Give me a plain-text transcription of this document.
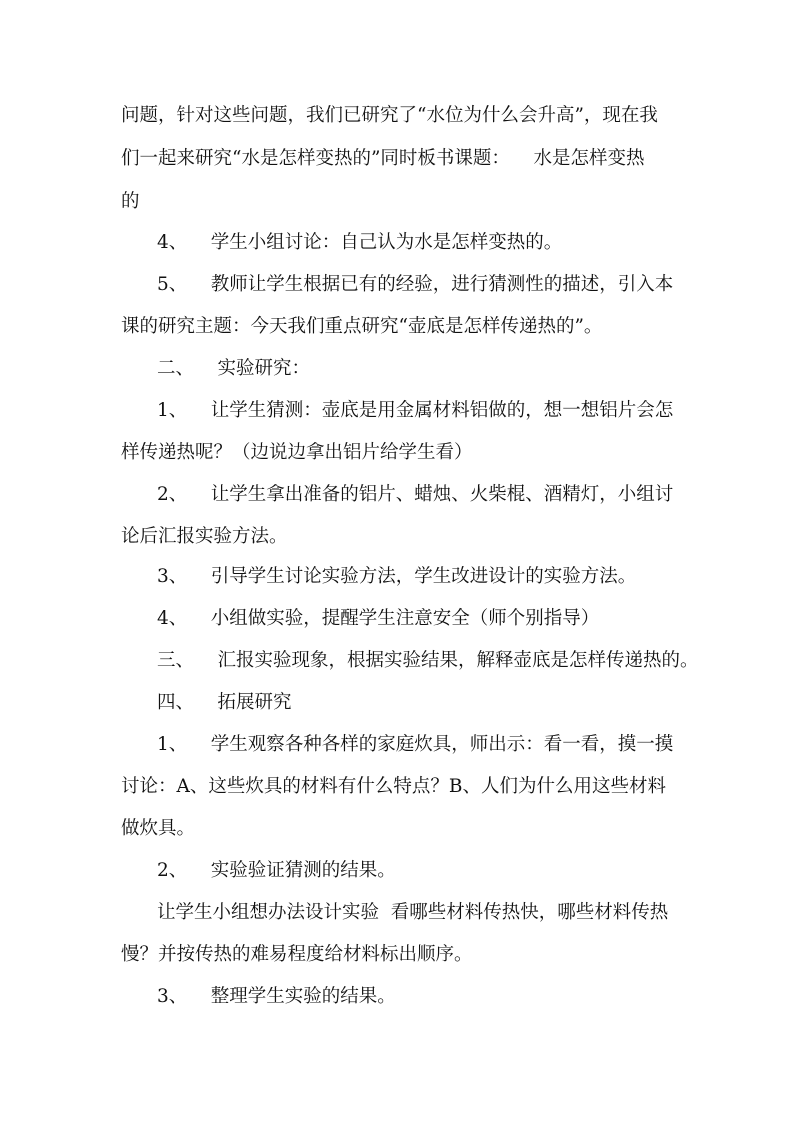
问题，针对这些问题，我们已研究了“水位为什么会升高”，现在我

们一起来研究“水是怎样变热的”同时板书课题：    水是怎样变热

的

4、    学生小组讨论：自己认为水是怎样变热的。

5、    教师让学生根据已有的经验，进行猜测性的描述，引入本

课的研究主题：今天我们重点研究“壶底是怎样传递热的”。

二、    实验研究：

1、    让学生猜测：壶底是用金属材料铝做的，想一想铝片会怎

样传递热呢？（边说边拿出铝片给学生看）

2、    让学生拿出准备的铝片、蜡烛、火柴棍、酒精灯，小组讨

论后汇报实验方法。

3、    引导学生讨论实验方法，学生改进设计的实验方法。

4、    小组做实验，提醒学生注意安全（师个别指导）

三、    汇报实验现象，根据实验结果，解释壶底是怎样传递热的。

四、    拓展研究

1、    学生观察各种各样的家庭炊具，师出示：看一看，摸一摸

讨论：A、这些炊具的材料有什么特点？B、人们为什么用这些材料

做炊具。

2、    实验验证猜测的结果。

让学生小组想办法设计实验  看哪些材料传热快，哪些材料传热

慢？并按传热的难易程度给材料标出顺序。

3、    整理学生实验的结果。
